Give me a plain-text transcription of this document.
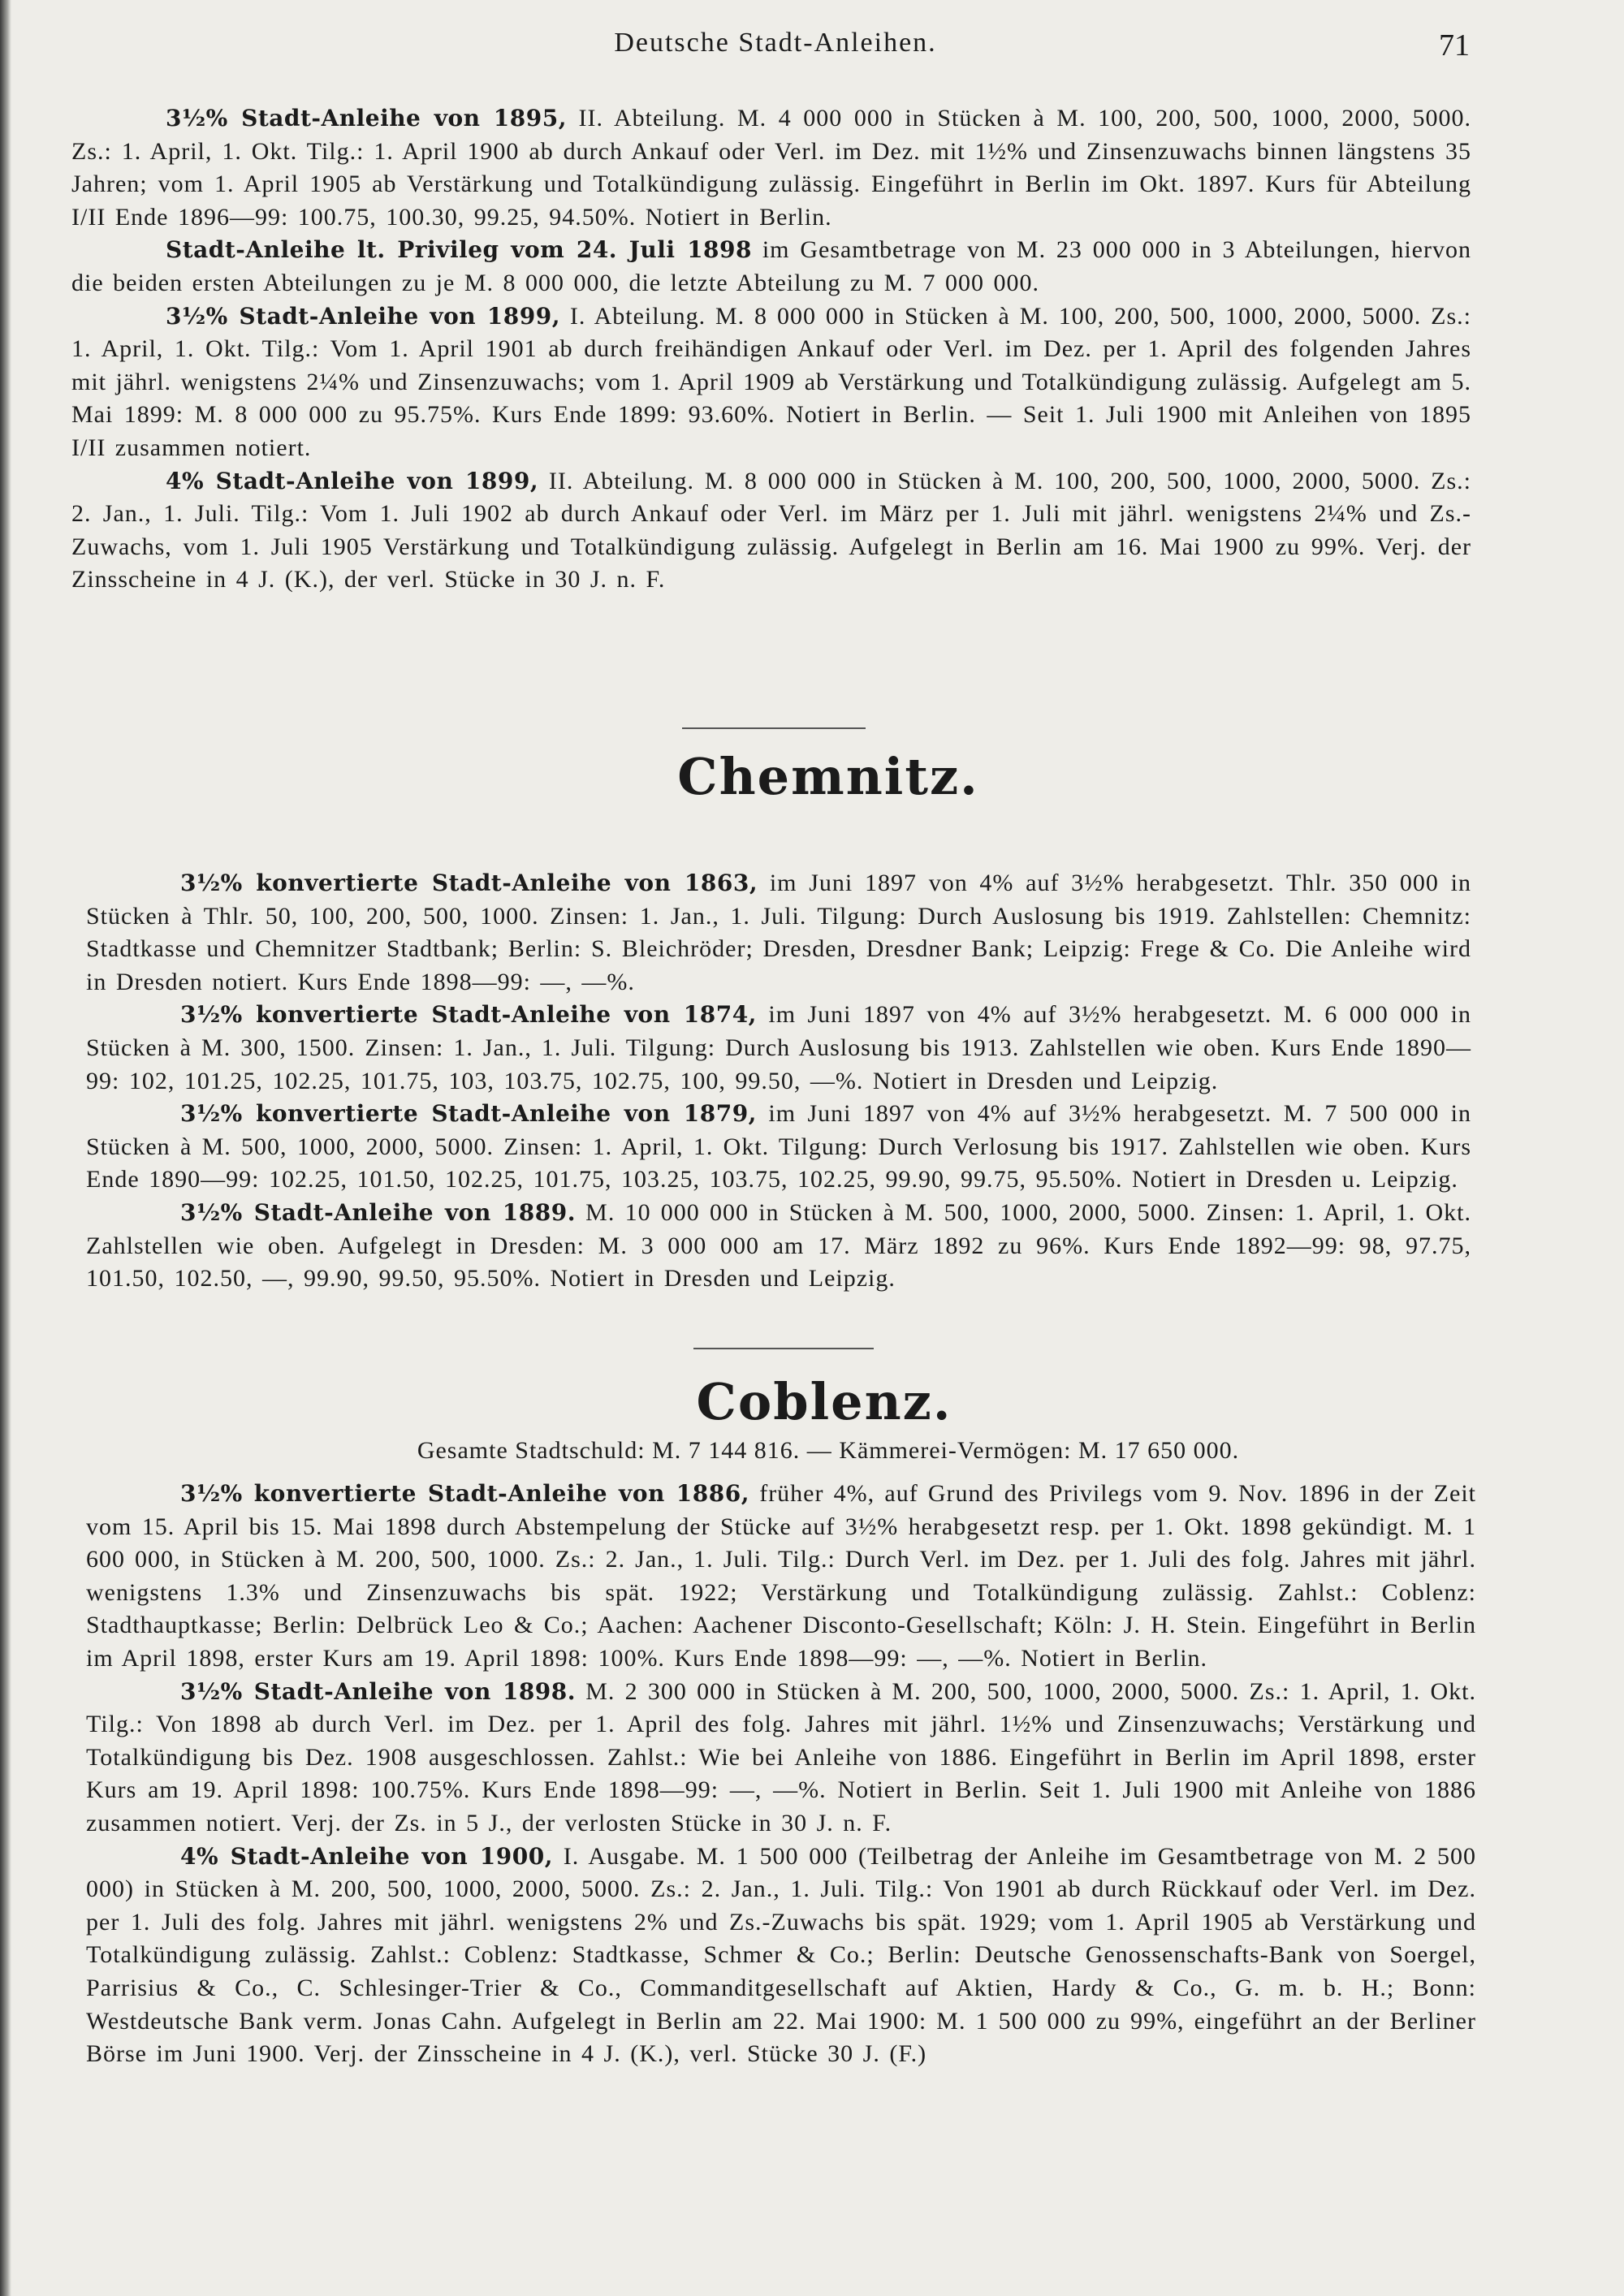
Deutsche Stadt-Anleihen.	71

3½% Stadt-Anleihe von 1895, II. Abteilung. M. 4 000 000 in Stücken à M. 100, 200, 500, 1000, 2000, 5000. Zs.: 1. April, 1. Okt. Tilg.: 1. April 1900 ab durch Ankauf oder Verl. im Dez. mit 1½% und Zinsenzuwachs binnen längstens 35 Jahren; vom 1. April 1905 ab Verstärkung und Totalkündigung zulässig. Eingeführt in Berlin im Okt. 1897. Kurs für Abteilung I/II Ende 1896—99: 100.75, 100.30, 99.25, 94.50%. Notiert in Berlin.

Stadt-Anleihe lt. Privileg vom 24. Juli 1898 im Gesamtbetrage von M. 23 000 000 in 3 Abteilungen, hiervon die beiden ersten Abteilungen zu je M. 8 000 000, die letzte Abteilung zu M. 7 000 000.

3½% Stadt-Anleihe von 1899, I. Abteilung. M. 8 000 000 in Stücken à M. 100, 200, 500, 1000, 2000, 5000. Zs.: 1. April, 1. Okt. Tilg.: Vom 1. April 1901 ab durch freihändigen Ankauf oder Verl. im Dez. per 1. April des folgenden Jahres mit jährl. wenigstens 2¼% und Zinsenzuwachs; vom 1. April 1909 ab Verstärkung und Totalkündigung zulässig. Aufgelegt am 5. Mai 1899: M. 8 000 000 zu 95.75%. Kurs Ende 1899: 93.60%. Notiert in Berlin. — Seit 1. Juli 1900 mit Anleihen von 1895 I/II zusammen notiert.

4% Stadt-Anleihe von 1899, II. Abteilung. M. 8 000 000 in Stücken à M. 100, 200, 500, 1000, 2000, 5000. Zs.: 2. Jan., 1. Juli. Tilg.: Vom 1. Juli 1902 ab durch Ankauf oder Verl. im März per 1. Juli mit jährl. wenigstens 2¼% und Zs.-Zuwachs, vom 1. Juli 1905 Verstärkung und Totalkündigung zulässig. Aufgelegt in Berlin am 16. Mai 1900 zu 99%. Verj. der Zinsscheine in 4 J. (K.), der verl. Stücke in 30 J. n. F.

Chemnitz.

3½% konvertierte Stadt-Anleihe von 1863, im Juni 1897 von 4% auf 3½% herabgesetzt. Thlr. 350 000 in Stücken à Thlr. 50, 100, 200, 500, 1000. Zinsen: 1. Jan., 1. Juli. Tilgung: Durch Auslosung bis 1919. Zahlstellen: Chemnitz: Stadtkasse und Chemnitzer Stadtbank; Berlin: S. Bleichröder; Dresden, Dresdner Bank; Leipzig: Frege & Co. Die Anleihe wird in Dresden notiert. Kurs Ende 1898—99: —, —%.

3½% konvertierte Stadt-Anleihe von 1874, im Juni 1897 von 4% auf 3½% herabgesetzt. M. 6 000 000 in Stücken à M. 300, 1500. Zinsen: 1. Jan., 1. Juli. Tilgung: Durch Auslosung bis 1913. Zahlstellen wie oben. Kurs Ende 1890—99: 102, 101.25, 102.25, 101.75, 103, 103.75, 102.75, 100, 99.50, —%. Notiert in Dresden und Leipzig.

3½% konvertierte Stadt-Anleihe von 1879, im Juni 1897 von 4% auf 3½% herabgesetzt. M. 7 500 000 in Stücken à M. 500, 1000, 2000, 5000. Zinsen: 1. April, 1. Okt. Tilgung: Durch Verlosung bis 1917. Zahlstellen wie oben. Kurs Ende 1890—99: 102.25, 101.50, 102.25, 101.75, 103.25, 103.75, 102.25, 99.90, 99.75, 95.50%. Notiert in Dresden u. Leipzig.

3½% Stadt-Anleihe von 1889. M. 10 000 000 in Stücken à M. 500, 1000, 2000, 5000. Zinsen: 1. April, 1. Okt. Zahlstellen wie oben. Aufgelegt in Dresden: M. 3 000 000 am 17. März 1892 zu 96%. Kurs Ende 1892—99: 98, 97.75, 101.50, 102.50, —, 99.90, 99.50, 95.50%. Notiert in Dresden und Leipzig.

Coblenz.
Gesamte Stadtschuld: M. 7 144 816. — Kämmerei-Vermögen: M. 17 650 000.

3½% konvertierte Stadt-Anleihe von 1886, früher 4%, auf Grund des Privilegs vom 9. Nov. 1896 in der Zeit vom 15. April bis 15. Mai 1898 durch Abstempelung der Stücke auf 3½% herabgesetzt resp. per 1. Okt. 1898 gekündigt. M. 1 600 000, in Stücken à M. 200, 500, 1000. Zs.: 2. Jan., 1. Juli. Tilg.: Durch Verl. im Dez. per 1. Juli des folg. Jahres mit jährl. wenigstens 1.3% und Zinsenzuwachs bis spät. 1922; Verstärkung und Totalkündigung zulässig. Zahlst.: Coblenz: Stadthauptkasse; Berlin: Delbrück Leo & Co.; Aachen: Aachener Disconto-Gesellschaft; Köln: J. H. Stein. Eingeführt in Berlin im April 1898, erster Kurs am 19. April 1898: 100%. Kurs Ende 1898—99: —, —%. Notiert in Berlin.

3½% Stadt-Anleihe von 1898. M. 2 300 000 in Stücken à M. 200, 500, 1000, 2000, 5000. Zs.: 1. April, 1. Okt. Tilg.: Von 1898 ab durch Verl. im Dez. per 1. April des folg. Jahres mit jährl. 1½% und Zinsenzuwachs; Verstärkung und Totalkündigung bis Dez. 1908 ausgeschlossen. Zahlst.: Wie bei Anleihe von 1886. Eingeführt in Berlin im April 1898, erster Kurs am 19. April 1898: 100.75%. Kurs Ende 1898—99: —, —%. Notiert in Berlin. Seit 1. Juli 1900 mit Anleihe von 1886 zusammen notiert. Verj. der Zs. in 5 J., der verlosten Stücke in 30 J. n. F.

4% Stadt-Anleihe von 1900, I. Ausgabe. M. 1 500 000 (Teilbetrag der Anleihe im Gesamtbetrage von M. 2 500 000) in Stücken à M. 200, 500, 1000, 2000, 5000. Zs.: 2. Jan., 1. Juli. Tilg.: Von 1901 ab durch Rückkauf oder Verl. im Dez. per 1. Juli des folg. Jahres mit jährl. wenigstens 2% und Zs.-Zuwachs bis spät. 1929; vom 1. April 1905 ab Verstärkung und Totalkündigung zulässig. Zahlst.: Coblenz: Stadtkasse, Schmer & Co.; Berlin: Deutsche Genossenschafts-Bank von Soergel, Parrisius & Co., C. Schlesinger-Trier & Co., Commanditgesellschaft auf Aktien, Hardy & Co., G. m. b. H.; Bonn: Westdeutsche Bank verm. Jonas Cahn. Aufgelegt in Berlin am 22. Mai 1900: M. 1 500 000 zu 99%, eingeführt an der Berliner Börse im Juni 1900. Verj. der Zinsscheine in 4 J. (K.), verl. Stücke 30 J. (F.)
